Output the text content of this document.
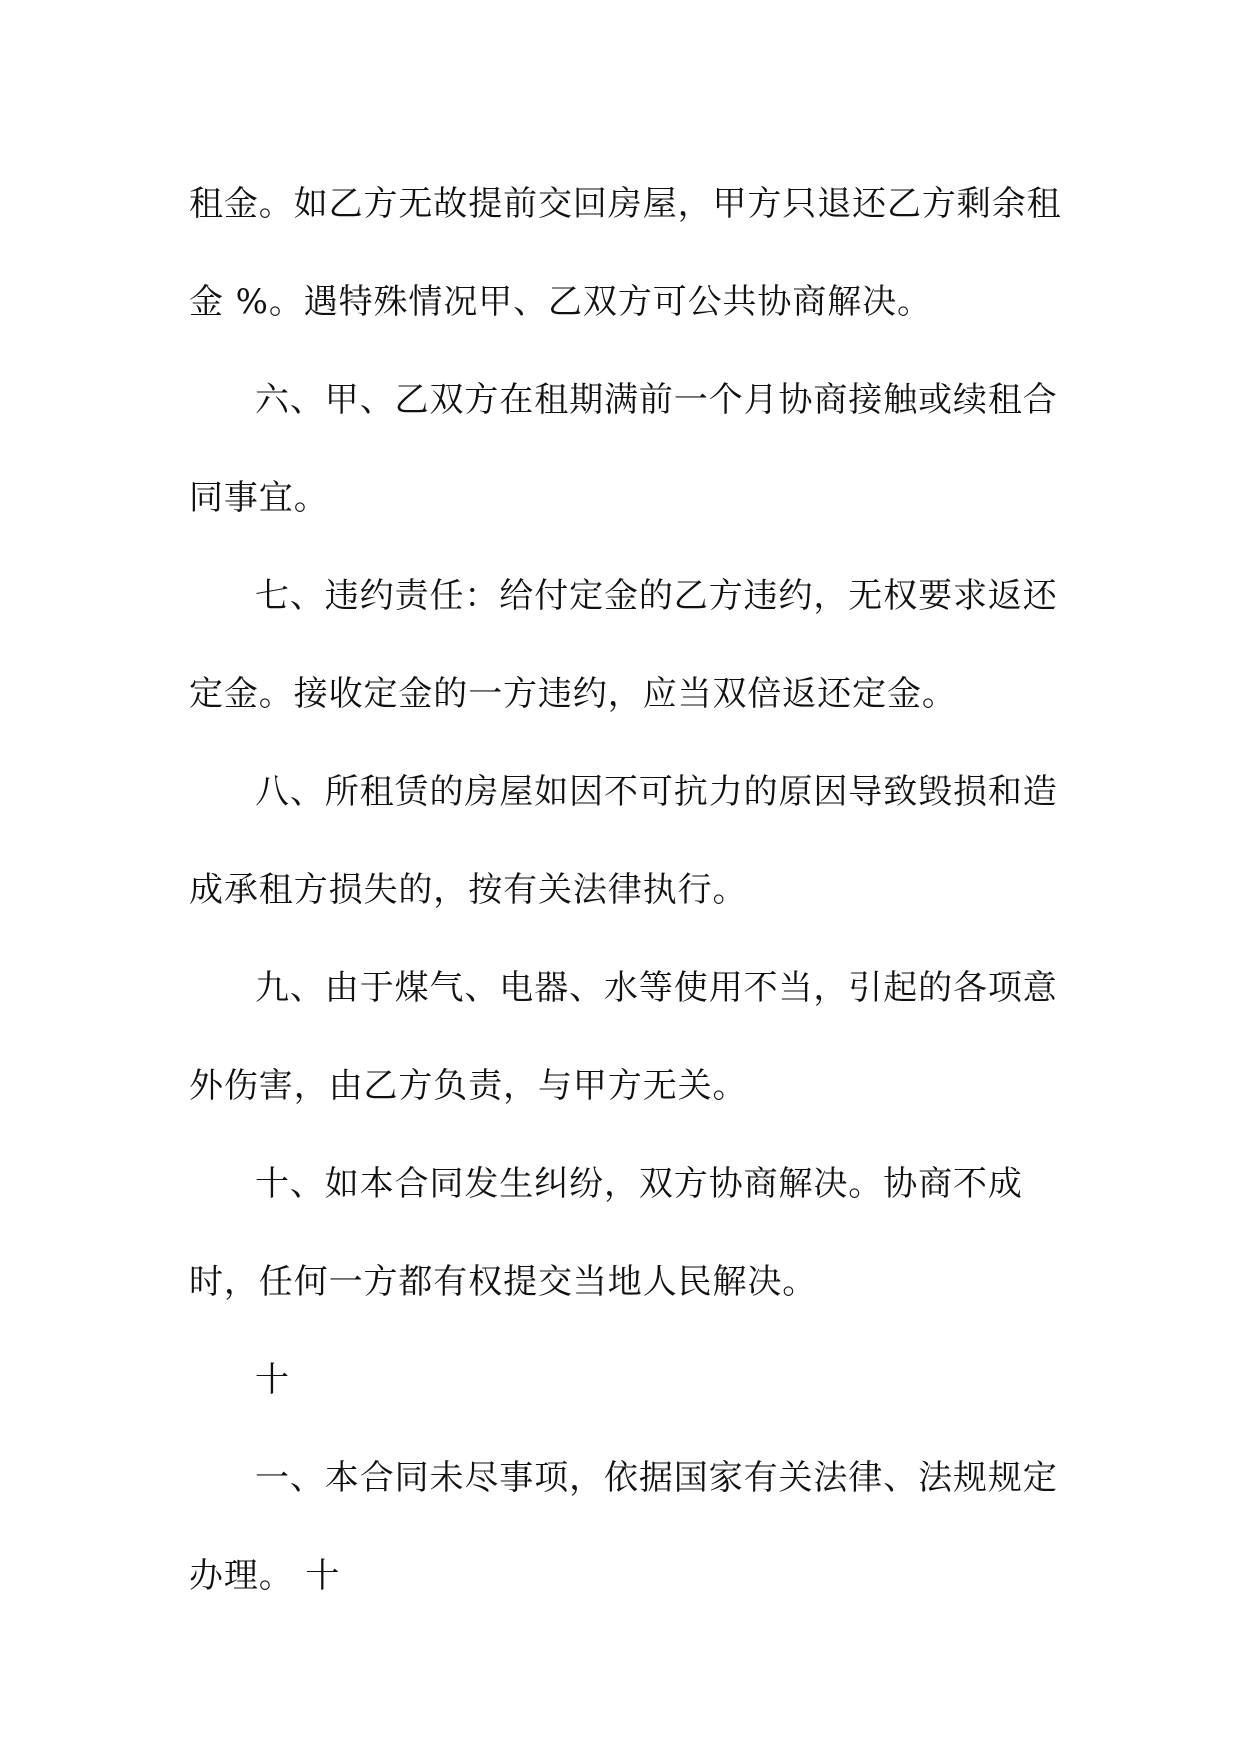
租金。如乙方无故提前交回房屋，甲方只退还乙方剩余租
金 %。遇特殊情况甲、乙双方可公共协商解决。
六、甲、乙双方在租期满前一个月协商接触或续租合
同事宜。
七、违约责任：给付定金的乙方违约，无权要求返还
定金。接收定金的一方违约，应当双倍返还定金。
八、所租赁的房屋如因不可抗力的原因导致毁损和造
成承租方损失的，按有关法律执行。
九、由于煤气、电器、水等使用不当，引起的各项意
外伤害，由乙方负责，与甲方无关。
十、如本合同发生纠纷，双方协商解决。协商不成
时，任何一方都有权提交当地人民解决。
十
一、本合同未尽事项，依据国家有关法律、法规规定
办理。 十
